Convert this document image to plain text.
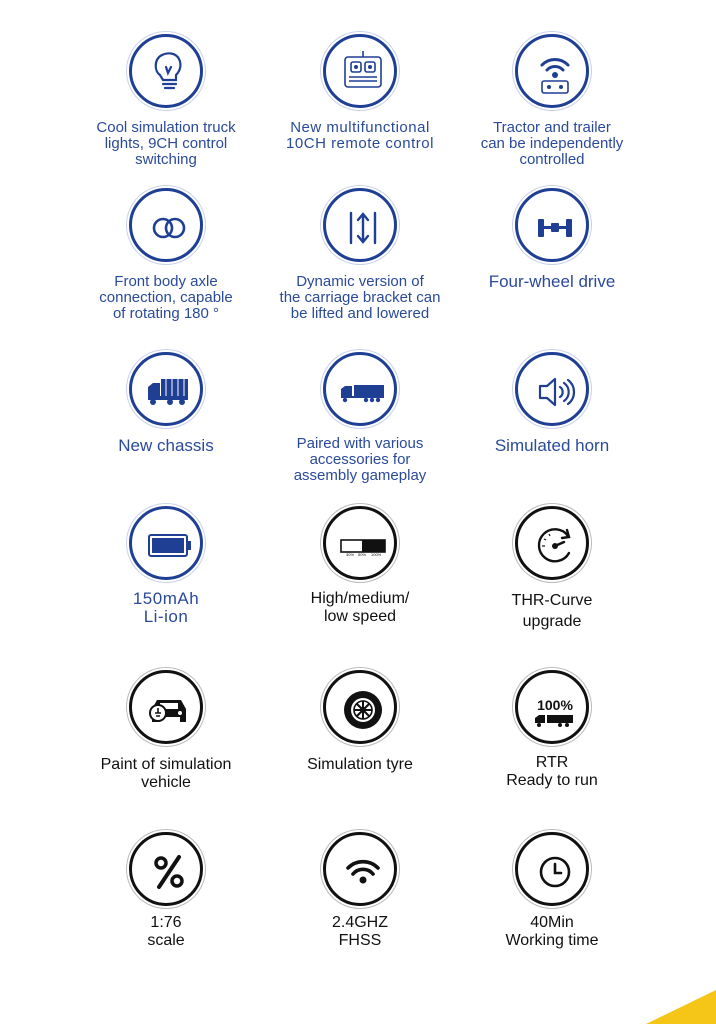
Cool simulation truck
lights, 9CH control
switching
New multifunctional
10CH remote control
Tractor and trailer
can be independently
controlled
Front body axle
connection, capable
of rotating 180 °
Dynamic version of
the carriage bracket can
be lifted and lowered
Four-wheel drive
New chassis	Paired with various
accessories for
assembly gameplay
Simulated horn
150mAh
Li-ion
30% 50% 100%
High/medium/
low speed
THR-Curve
upgrade
Paint of simulation
vehicle
Simulation tyre
100%
RTR
Ready to run
1:76
scale
2.4GHZ
FHSS
40Min
Working time
